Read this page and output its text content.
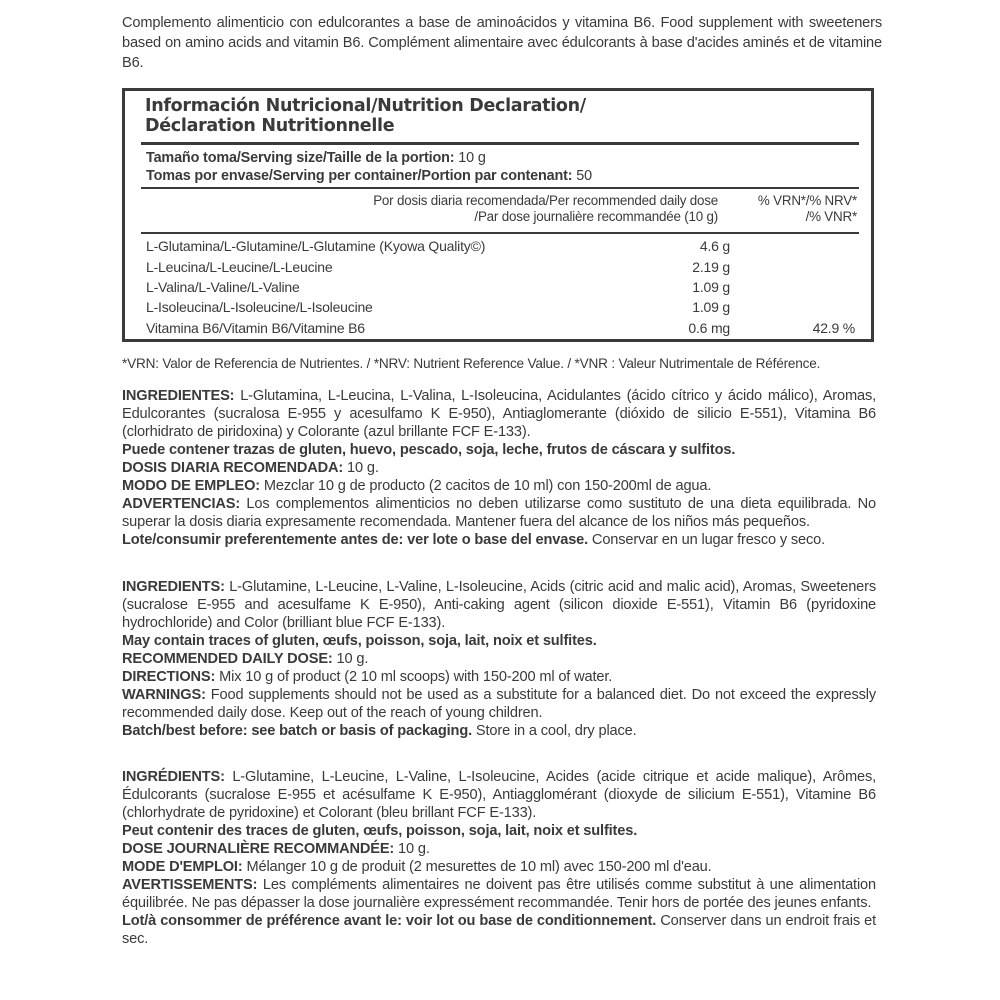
Complemento alimenticio con edulcorantes a base de aminoácidos y vitamina B6. Food supplement with sweeteners based on amino acids and vitamin B6. Complément alimentaire avec édulcorants à base d'acides aminés et de vitamine B6.
Información Nutricional/Nutrition Declaration/
Déclaration Nutritionnelle
Tamaño toma/Serving size/Taille de la portion: 10 g
Tomas por envase/Serving per container/Portion par contenant: 50
Por dosis diaria recomendada/Per recommended daily dose
/Par dose journalière recommandée (10 g)
% VRN*/% NRV*
/% VNR*
L-Glutamina/L-Glutamine/L-Glutamine (Kyowa Quality©)	4.6 g
L-Leucina/L-Leucine/L-Leucine	2.19 g
L-Valina/L-Valine/L-Valine	1.09 g
L-Isoleucina/L-Isoleucine/L-Isoleucine	1.09 g
Vitamina B6/Vitamin B6/Vitamine B6	0.6 mg	42.9 %
*VRN: Valor de Referencia de Nutrientes. / *NRV: Nutrient Reference Value. / *VNR : Valeur Nutrimentale de Référence.

INGREDIENTES: L-Glutamina, L-Leucina, L-Valina, L-Isoleucina, Acidulantes (ácido cítrico y ácido málico), Aromas, Edulcorantes (sucralosa E-955 y acesulfamo K E-950), Antiaglomerante (dióxido de silicio E-551), Vitamina B6 (clorhidrato de piridoxina) y Colorante (azul brillante FCF E-133).

Puede contener trazas de gluten, huevo, pescado, soja, leche, frutos de cáscara y sulfitos.

DOSIS DIARIA RECOMENDADA: 10 g.

MODO DE EMPLEO: Mezclar 10 g de producto (2 cacitos de 10 ml) con 150-200ml de agua.

ADVERTENCIAS: Los complementos alimenticios no deben utilizarse como sustituto de una dieta equilibrada. No superar la dosis diaria expresamente recomendada. Mantener fuera del alcance de los niños más pequeños.

Lote/consumir preferentemente antes de: ver lote o base del envase. Conservar en un lugar fresco y seco.

INGREDIENTS: L-Glutamine, L-Leucine, L-Valine, L-Isoleucine, Acids (citric acid and malic acid), Aromas, Sweeteners (sucralose E-955 and acesulfame K E-950), Anti-caking agent (silicon dioxide E-551), Vitamin B6 (pyridoxine hydrochloride) and Color (brilliant blue FCF E-133).

May contain traces of gluten, œufs, poisson, soja, lait, noix et sulfites.

RECOMMENDED DAILY DOSE: 10 g.

DIRECTIONS: Mix 10 g of product (2 10 ml scoops) with 150-200 ml of water.

WARNINGS: Food supplements should not be used as a substitute for a balanced diet. Do not exceed the expressly recommended daily dose. Keep out of the reach of young children.

Batch/best before: see batch or basis of packaging. Store in a cool, dry place.

INGRÉDIENTS: L-Glutamine, L-Leucine, L-Valine, L-Isoleucine, Acides (acide citrique et acide malique), Arômes, Édulcorants (sucralose E-955 et acésulfame K E-950), Antiagglomérant (dioxyde de silicium E-551), Vitamine B6 (chlorhydrate de pyridoxine) et Colorant (bleu brillant FCF E-133).

Peut contenir des traces de gluten, œufs, poisson, soja, lait, noix et sulfites.

DOSE JOURNALIÈRE RECOMMANDÉE: 10 g.

MODE D'EMPLOI: Mélanger 10 g de produit (2 mesurettes de 10 ml) avec 150-200 ml d'eau.

AVERTISSEMENTS: Les compléments alimentaires ne doivent pas être utilisés comme substitut à une alimentation équilibrée. Ne pas dépasser la dose journalière expressément recommandée. Tenir hors de portée des jeunes enfants.

Lot/à consommer de préférence avant le: voir lot ou base de conditionnement. Conserver dans un endroit frais et sec.
